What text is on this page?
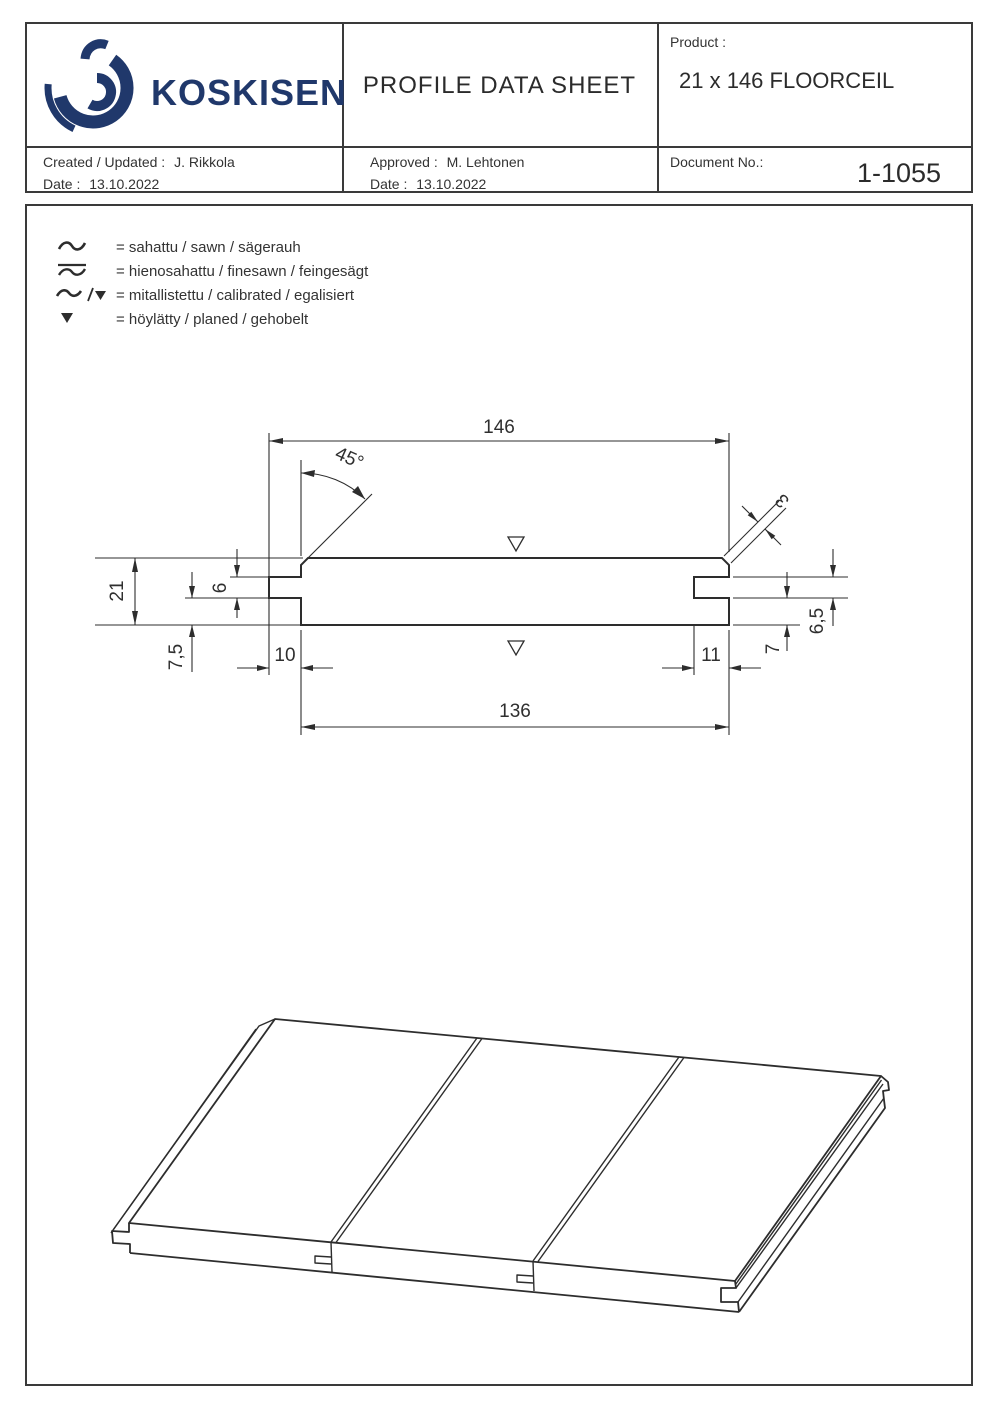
KOSKISEN PROFILE DATA SHEET
Product :
21 x 146 FLOORCEIL
Created / Updated : J. Rikkola
Date : 13.10.2022
Approved : M. Lehtonen
Date : 13.10.2022
Document No.:	1-1055
= sahattu / sawn / sägerauh
= hienosahattu / finesawn / feingesägt
= mitallistettu / calibrated / egalisiert
= höylätty / planed / gehobelt
146
45°
21	6
7,5	10
136
11 7
6,5
3
